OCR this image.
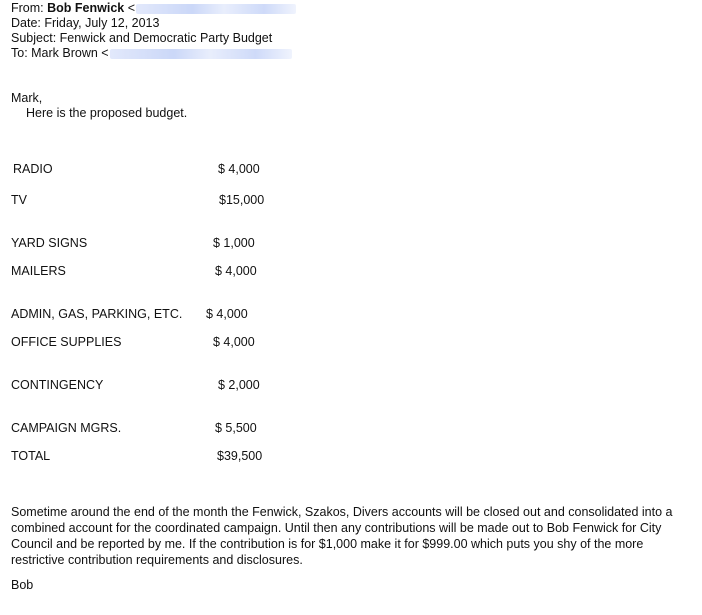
From: Bob Fenwick <
Date: Friday, July 12, 2013
Subject: Fenwick and Democratic Party Budget
To: Mark Brown <
Mark,
Here is the proposed budget.
RADIO	$ 4,000
TV	$15,000
YARD SIGNS	$ 1,000
MAILERS	$ 4,000
ADMIN, GAS, PARKING, ETC. $ 4,000
OFFICE SUPPLIES	$ 4,000
CONTINGENCY	$ 2,000
CAMPAIGN MGRS.	$ 5,500
TOTAL	$39,500
Sometime around the end of the month the Fenwick, Szakos, Divers accounts will be closed out and consolidated into a combined account for the coordinated campaign. Until then any contributions will be made out to Bob Fenwick for City Council and be reported by me. If the contribution is for $1,000 make it for $999.00 which puts you shy of the more restrictive contribution requirements and disclosures.
Bob
